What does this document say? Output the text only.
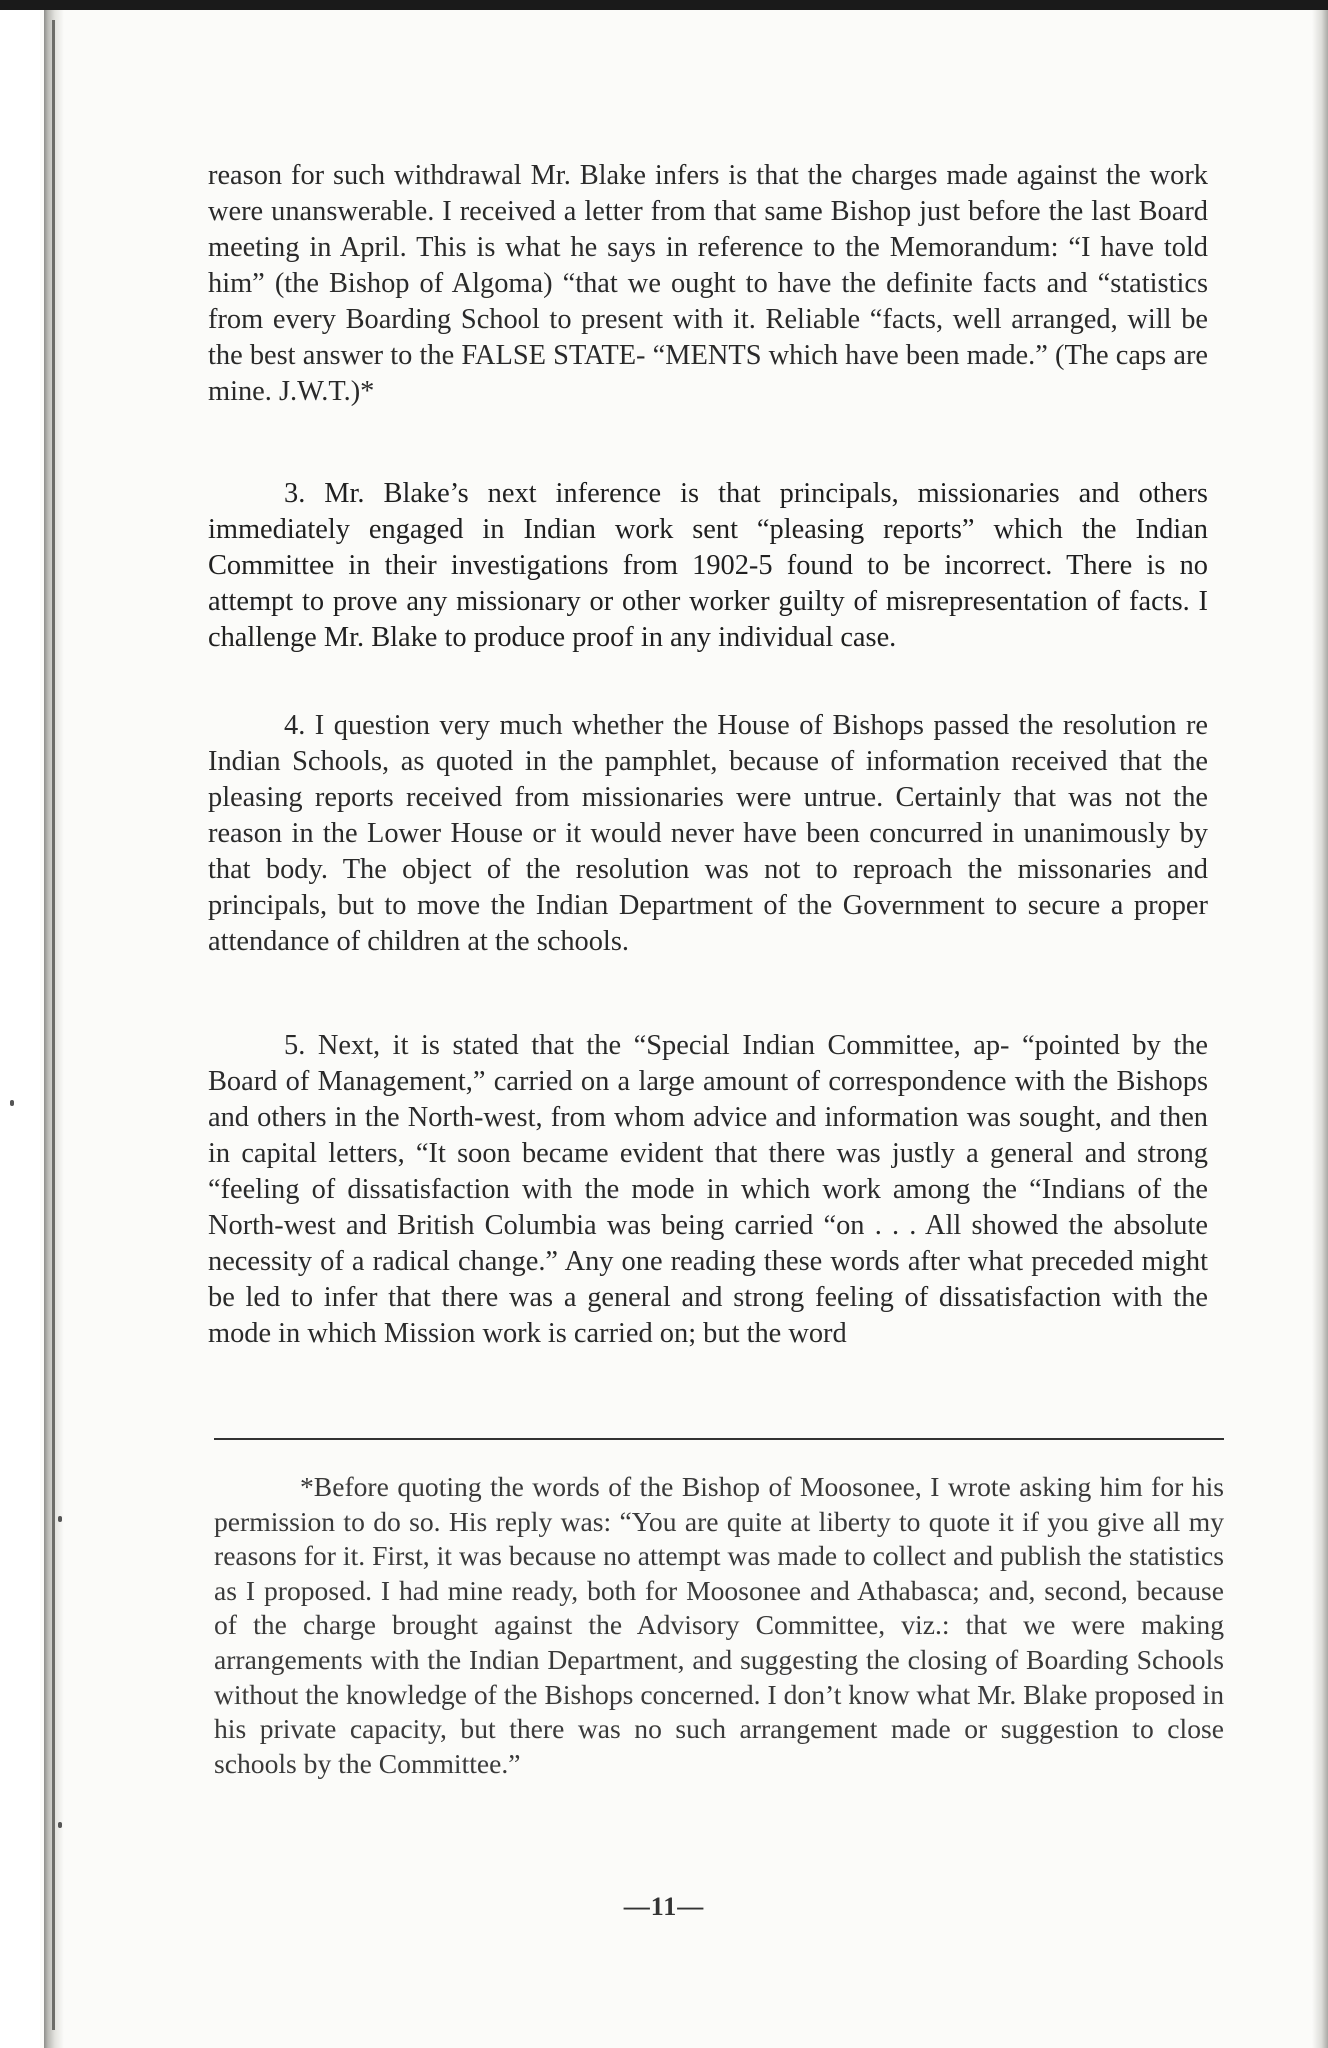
reason for such withdrawal Mr. Blake infers is that the charges made against the work were unanswerable. I received a letter from that same Bishop just before the last Board meeting in April. This is what he says in reference to the Memorandum: “I have told him” (the Bishop of Algoma) “that we ought to have the definite facts and “statistics from every Boarding School to present with it. Reliable “facts, well arranged, will be the best answer to the FALSE STATE- “MENTS which have been made.” (The caps are mine. J.W.T.)*

3. Mr. Blake’s next inference is that principals, missionaries and others immediately engaged in Indian work sent “pleasing reports” which the Indian Committee in their investigations from 1902-5 found to be incorrect. There is no attempt to prove any missionary or other worker guilty of misrepresentation of facts. I challenge Mr. Blake to produce proof in any individual case.

4. I question very much whether the House of Bishops passed the resolution re Indian Schools, as quoted in the pamphlet, because of information received that the pleasing reports received from missionaries were untrue. Certainly that was not the reason in the Lower House or it would never have been concurred in unanimously by that body. The object of the resolution was not to reproach the missonaries and principals, but to move the Indian Department of the Government to secure a proper attendance of children at the schools.

5. Next, it is stated that the “Special Indian Committee, ap- “pointed by the Board of Management,” carried on a large amount of correspondence with the Bishops and others in the North-west, from whom advice and information was sought, and then in capital letters, “It soon became evident that there was justly a general and strong “feeling of dissatisfaction with the mode in which work among the “Indians of the North-west and British Columbia was being carried “on . . . All showed the absolute necessity of a radical change.” Any one reading these words after what preceded might be led to infer that there was a general and strong feeling of dissatisfaction with the mode in which Mission work is carried on; but the word

*Before quoting the words of the Bishop of Moosonee, I wrote asking him for his permission to do so. His reply was: “You are quite at liberty to quote it if you give all my reasons for it. First, it was because no attempt was made to collect and publish the statistics as I proposed. I had mine ready, both for Moosonee and Athabasca; and, second, because of the charge brought against the Advisory Committee, viz.: that we were making arrangements with the Indian Department, and suggesting the closing of Boarding Schools without the knowledge of the Bishops concerned. I don’t know what Mr. Blake proposed in his private capacity, but there was no such arrangement made or suggestion to close schools by the Committee.”

—11—
